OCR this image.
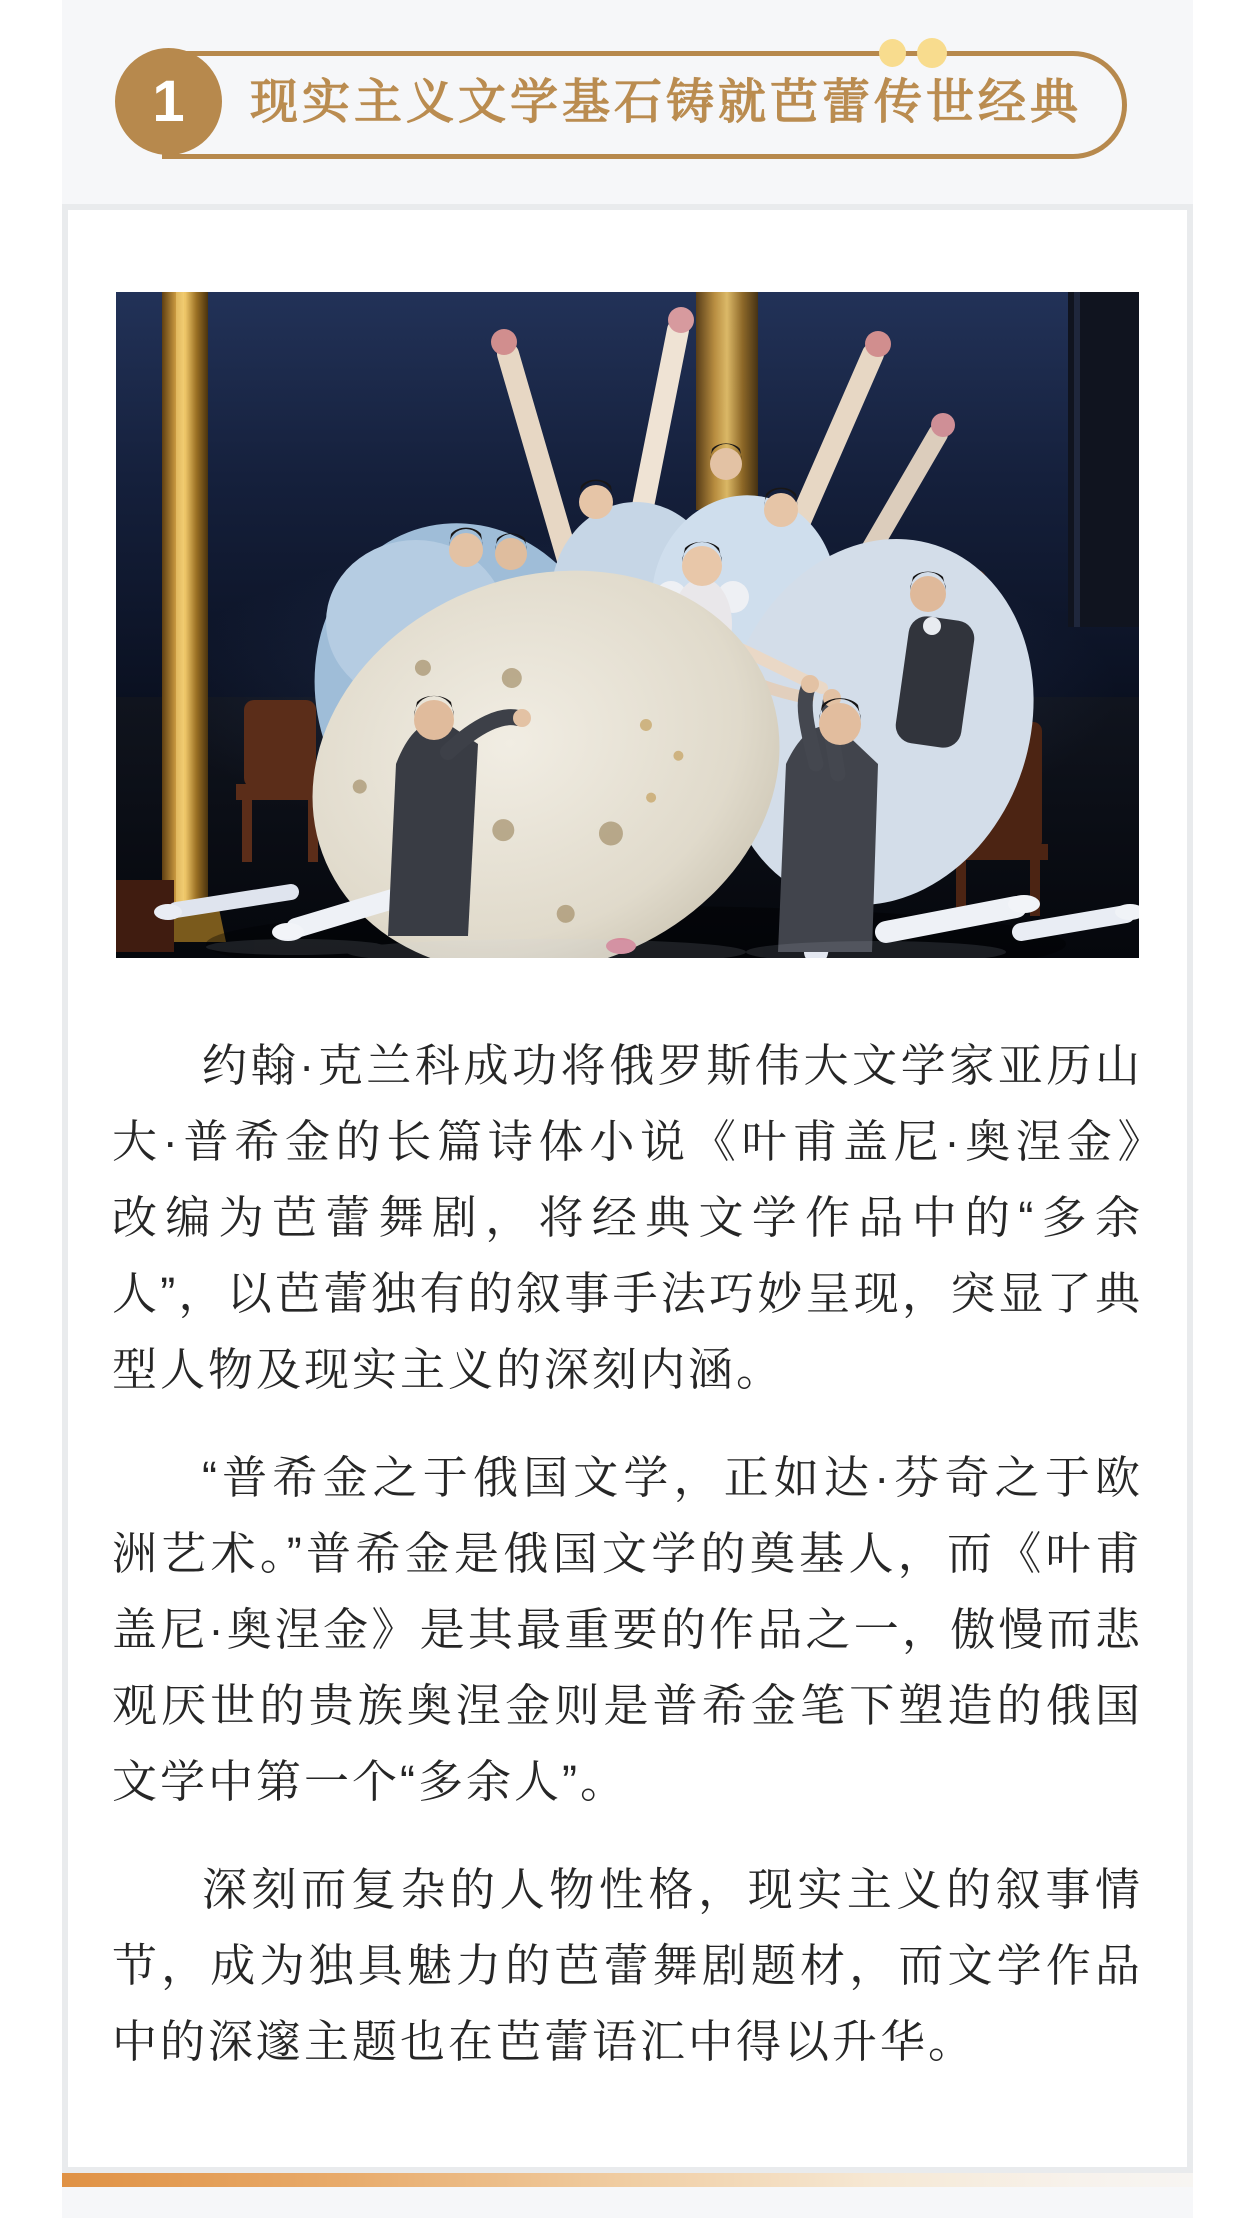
1 现实主义文学基石铸就芭蕾传世经典

约翰·克兰科成功将俄罗斯伟大文学家亚历山大·普希金的长篇诗体小说《叶甫盖尼·奥涅金》　改编为芭蕾舞剧，将经典文学作品中的“多余人”，以芭蕾独有的叙事手法巧妙呈现，突显了典型人物及现实主义的深刻内涵。

“普希金之于俄国文学，正如达·芬奇之于欧洲艺术。”普希金是俄国文学的奠基人，而《叶甫盖尼·奥涅金》是其最重要的作品之一，傲慢而悲观厌世的贵族奥涅金则是普希金笔下塑造的俄国文学中第一个“多余人”。

深刻而复杂的人物性格，现实主义的叙事情节，成为独具魅力的芭蕾舞剧题材，而文学作品中的深邃主题也在芭蕾语汇中得以升华。
